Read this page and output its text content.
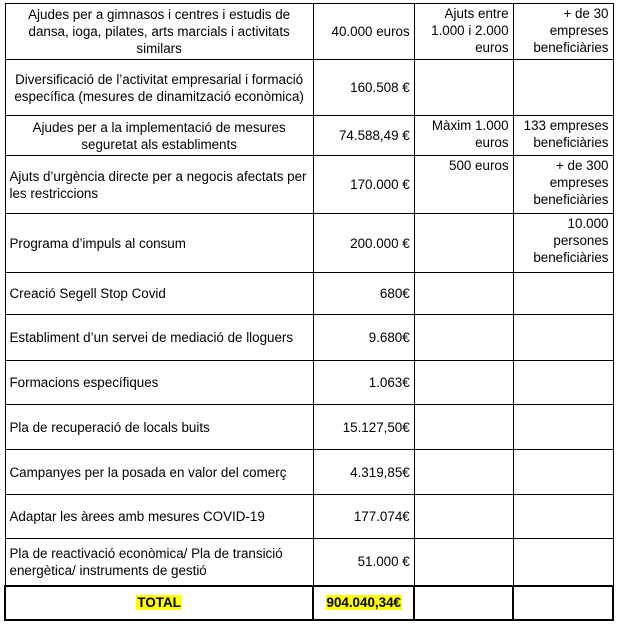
Ajudes per a gimnasos i centres i estudis de dansa, ioga, pilates, arts marcials i activitats similars	40.000 euros	Ajuts entre 1.000 i 2.000 euros	+ de 30 empreses beneficiàries
Diversificació de l’activitat empresarial i formació específica (mesures de dinamització econòmica)	160.508 €		
Ajudes per a la implementació de mesures seguretat als establiments	74.588,49 €	Màxim 1.000 euros	133 empreses beneficiàries
Ajuts d’urgència directe per a negocis afectats per les restriccions	170.000 €	500 euros	+ de 300 empreses beneficiàries
Programa d’impuls al consum	200.000 €		10.000 persones beneficiàries
Creació Segell Stop Covid	680€		
Establiment d’un servei de mediació de lloguers	9.680€		
Formacions específiques	1.063€		
Pla de recuperació de locals buits	15.127,50€		
Campanyes per la posada en valor del comerç	4.319,85€		
Adaptar les àrees amb mesures COVID-19	177.074€		
Pla de reactivació econòmica/ Pla de transició energètica/ instruments de gestió	51.000 €		
TOTAL	904.040,34€		
